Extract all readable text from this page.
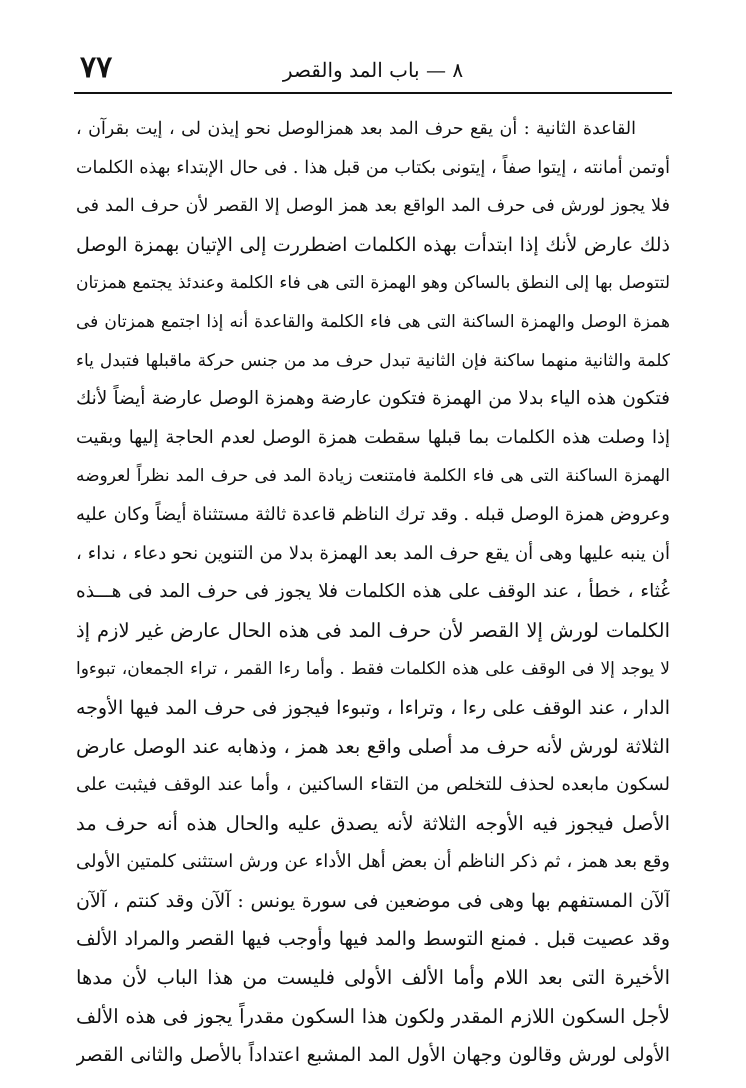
٧٧	٨ — باب المد والقصر
القاعدة الثانية : أن يقع حرف المد بعد همزالوصل نحو إيذن لى ، إيت بقرآن ،
أوتمن أمانته ، إيتوا صفاً ، إيتونى بكتاب من قبل هذا . فى حال الإبتداء بهذه الكلمات
فلا يجوز لورش فى حرف المد الواقع بعد همز الوصل إلا القصر لأن حرف المد فى
ذلك عارض لأنك إذا ابتدأت بهذه الكلمات اضطررت إلى الإتيان بهمزة الوصل
لتتوصل بها إلى النطق بالساكن وهو الهمزة التى هى فاء الكلمة وعندئذ يجتمع همزتان
همزة الوصل والهمزة الساكنة التى هى فاء الكلمة والقاعدة أنه إذا اجتمع همزتان فى
كلمة والثانية منهما ساكنة فإن الثانية تبدل حرف مد من جنس حركة ماقبلها فتبدل ياء
فتكون هذه الياء بدلا من الهمزة فتكون عارضة وهمزة الوصل عارضة أيضاً لأنك
إذا وصلت هذه الكلمات بما قبلها سقطت همزة الوصل لعدم الحاجة إليها وبقيت
الهمزة الساكنة التى هى فاء الكلمة فامتنعت زيادة المد فى حرف المد نظراً لعروضه
وعروض همزة الوصل قبله . وقد ترك الناظم قاعدة ثالثة مستثناة أيضاً وكان عليه
أن ينبه عليها وهى أن يقع حرف المد بعد الهمزة بدلا من التنوين نحو دعاء ، نداء ،
غُثاء ، خطأ ، عند الوقف على هذه الكلمات فلا يجوز فى حرف المد فى هـــذه
الكلمات لورش إلا القصر لأن حرف المد فى هذه الحال عارض غير لازم إذ
لا يوجد إلا فى الوقف على هذه الكلمات فقط . وأما رءا القمر ، تراء الجمعان، تبوءوا
الدار ، عند الوقف على رءا ، وتراءا ، وتبوءا فيجوز فى حرف المد فيها الأوجه
الثلاثة لورش لأنه حرف مد أصلى واقع بعد همز ، وذهابه عند الوصل عارض
لسكون مابعده لحذف للتخلص من التقاء الساكنين ، وأما عند الوقف فيثبت على
الأصل فيجوز فيه الأوجه الثلاثة لأنه يصدق عليه والحال هذه أنه حرف مد
وقع بعد همز ، ثم ذكر الناظم أن بعض أهل الأداء عن ورش استثنى كلمتين الأولى
آلآن المستفهم بها وهى فى موضعين فى سورة يونس : آلآن وقد كنتم ، آلآن
وقد عصيت قبل . فمنع التوسط والمد فيها وأوجب فيها القصر والمراد الألف
الأخيرة التى بعد اللام وأما الألف الأولى فليست من هذا الباب لأن مدها
لأجل السكون اللازم المقدر ولكون هذا السكون مقدراً يجوز فى هذه الألف
الأولى لورش وقالون وجهان الأول المد المشبع اعتداداً بالأصل والثانى القصر
